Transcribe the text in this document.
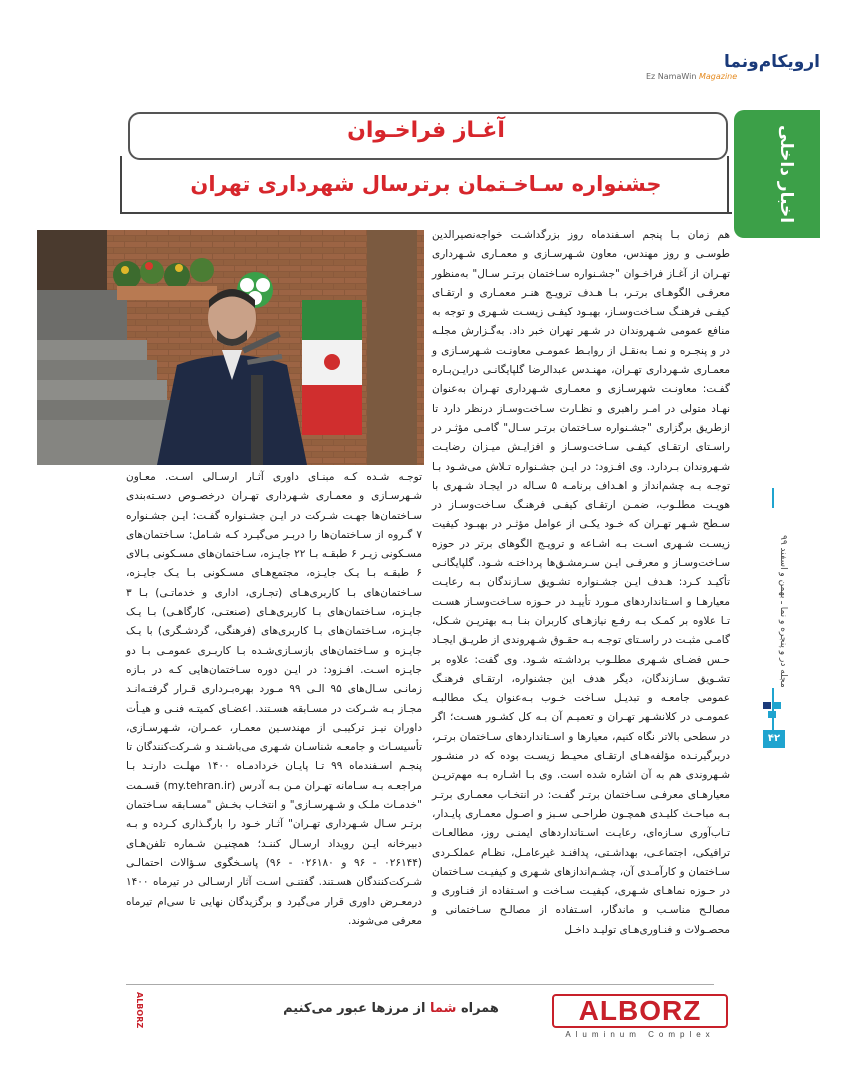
ارویکام‌ونما
Ez NamaWin Magazine
اخبار داخلی
آغـاز فراخـوان
جشنواره سـاخـتمان برترسال شهرداری تهران

هم زمان بـا پنجم اسـفندماه روز بزرگداشـت خواجه‌نصیرالدین طوسـی و روز مهندس، معاون شـهرسـازی و معمـاری شـهرداری تهـران از آغـاز فراخـوان "جشـنواره سـاختمان برتـر سـال" به‌منظور معرفـی الگوهـای برتـر، بـا هـدف ترویـج هنـر معمـاری و ارتقـای کیفـی فرهنـگ سـاخت‌وسـاز، بهبـود کیفـی زیسـت شـهری و توجه به منافع عمومی شـهروندان در شـهر تهران خبر داد. به‌گـزارش مجلـه در و پنجـره و نمـا به‌نقـل از روابـط عمومـی معاونـت شـهرسـازی و معمـاری شـهرداری تهـران، مهنـدس عبدالرضا گلپایگانـی درایـن‌بـاره گفـت: معاونـت شهرسـازی و معمـاری شـهرداری تهـران به‌عنوان نهـاد متولی در امـر راهبری و نظـارت سـاخت‌وسـاز درنظر دارد تا ازطریق برگزاری "جشـنواره سـاختمان برتـر سـال" گامـی مؤثـر در راسـتای ارتقـای کیفـی سـاخت‌وسـاز و افزایـش میـزان رضایـت شـهروندان بـردارد. وی افـزود: در ایـن جشـنواره تـلاش می‌شـود بـا توجـه بـه چشم‌انداز و اهـداف برنامـه ۵ سـاله در ایجـاد شـهری با هویـت مطلـوب، ضمـن ارتقـای کیفـی فرهنـگ سـاخت‌وسـاز در سـطح شـهر تهـران که خـود یکـی از عوامل مؤثـر در بهبـود کیفیت زیسـت شـهری اسـت بـه اشـاعه و ترویـج الگوهای برتر در حوزه سـاخت‌وسـاز و معرفـی ایـن سـرمشـق‌ها پرداختـه شـود. گلپایگانـی تأکیـد کـرد: هـدف ایـن جشـنواره تشـویق سـازندگان بـه رعایـت معیارهـا و اسـتانداردهای مـورد تأییـد در حـوزه سـاخت‌وسـاز هسـت تـا علاوه بر کمـک بـه رفـع نیازهـای کاربران بنـا بـه بهتریـن شـکل، گامـی مثبـت در راسـتای توجـه بـه حقـوق شـهروندی از طریـق ایجـاد حـس فضـای شـهری مطلـوب برداشـته شـود. وی گفت: علاوه بر تشـویق سـازندگان، دیگر هدف این جشنواره، ارتقـای فرهنـگ عمومی جامعـه و تبدیـل سـاخت خـوب بـه‌عنوان یـک مطالبـه عمومـی در کلانشـهر تهـران و تعمیـم آن بـه کل کشـور هسـت؛ اگر در سطحی بالاتر نگاه کنیم، معیارها و اسـتانداردهای سـاختمان برتـر، دربرگیرنـده مؤلفه‌هـای ارتقـای محیـط زیسـت بوده که در منشـور شـهروندی هم به آن اشاره شده است. وی بـا اشـاره بـه مهم‌تریـن معیارهـای معرفـی سـاختمان برتـر گفـت: در انتخـاب معمـاری برتـر بـه مباحـث کلیـدی همچـون طراحـی سـبز و اصـول معمـاری پایـدار، تـاب‌آوری سـازه‌ای، رعایـت اسـتانداردهای ایمنـی روز، مطالعـات ترافیکی، اجتماعـی، بهداشـتی، پدافنـد غیرعامـل، نظـام عملکـردی سـاختمان و کارآمـدی آن، چشـم‌اندازهای شـهری و کیفیـت سـاختمان در حـوزه نماهـای شـهری، کیفیـت سـاخت و اسـتفاده از فنـاوری و مصالـح مناسـب و ماندگار، اسـتفاده از مصالـح سـاختمانی و محصـولات و فنـاوری‌هـای تولیـد داخـل

توجـه شـده کـه مبنـای داوری آثـار ارسـالی اسـت. معـاون شـهرسـازی و معمـاری شـهرداری تهـران درخصـوص دسـته‌بندی سـاختمان‌ها جهـت شـرکت در ایـن جشـنواره گفـت: ایـن جشـنواره ۷ گـروه از سـاختمان‌ها را دربـر می‌گیـرد کـه شـامل: سـاختمان‌های مسـکونی زیـر ۶ طبقـه بـا ۲۲ جایـزه، سـاختمان‌های مسـکونی بـالای ۶ طبقـه بـا یـک جایـزه، مجتمع‌هـای مسـکونی بـا یـک جایـزه، سـاختمان‌های بـا کاربری‌هـای (تجـاری، اداری و خدماتـی) بـا ۳ جایـزه، سـاختمان‌های بـا کاربری‌هـای (صنعتـی، کارگاهـی) بـا یـک جایـزه، سـاختمان‌های بـا کاربری‌های (فرهنگی، گردشـگری) با یـک جایـزه و سـاختمان‌های بازسـازی‌شـده بـا کاربـری عمومـی بـا دو جایـزه اسـت. افـزود: در ایـن دوره سـاختمان‌هایی کـه در بـازه زمانـی سـال‌های ۹۵ الـی ۹۹ مـورد بهره‌بـرداری قـرار گرفتـه‌انـد مجـاز بـه شـرکت در مسـابقه هسـتند. اعضـای کمیتـه فنـی و هیـأت داوران نیـز ترکیبـی از مهندسـین معمـار، عمـران، شـهرسـازی، تأسیسـات و جامعـه شناسـان شـهری می‌باشـند و شـرکت‌کنندگان تا پنجـم اسـفندماه ۹۹ تـا پایـان خردادمـاه ۱۴۰۰ مهلـت دارنـد بـا مراجعـه بـه سـامانه تهـران مـن بـه آدرس (my.tehran.ir) قسـمت "خدمـات ملـک و شـهرسـازی" و انتخـاب بخـش "مسـابقه سـاختمان برتـر سـال شـهرداری تهـران" آثـار خـود را بارگـذاری کـرده و بـه دبیرخانه ایـن رویداد ارسـال کننـد؛ همچنیـن شـماره تلفن‌هـای (۰۲۶۱۴۴ - ۹۶ و ۰۲۶۱۸۰ - ۹۶) پاسـخگوی سـؤالات احتمالـی شـرکت‌کنندگان هسـتند. گفتنـی اسـت آثار ارسـالی در تیرماه ۱۴۰۰ درمعـرض داوری قرار می‌گیرد و برگزیدگان نهایی تا سی‌ام تیرماه معرفی می‌شوند.

مجله در و پنجره و نما ـ بهمن و اسفند ۹۹
۴۲
ALBORZ	همراه شما از مرزها عبور می‌کنیم	ALBORZ
Aluminum Complex
